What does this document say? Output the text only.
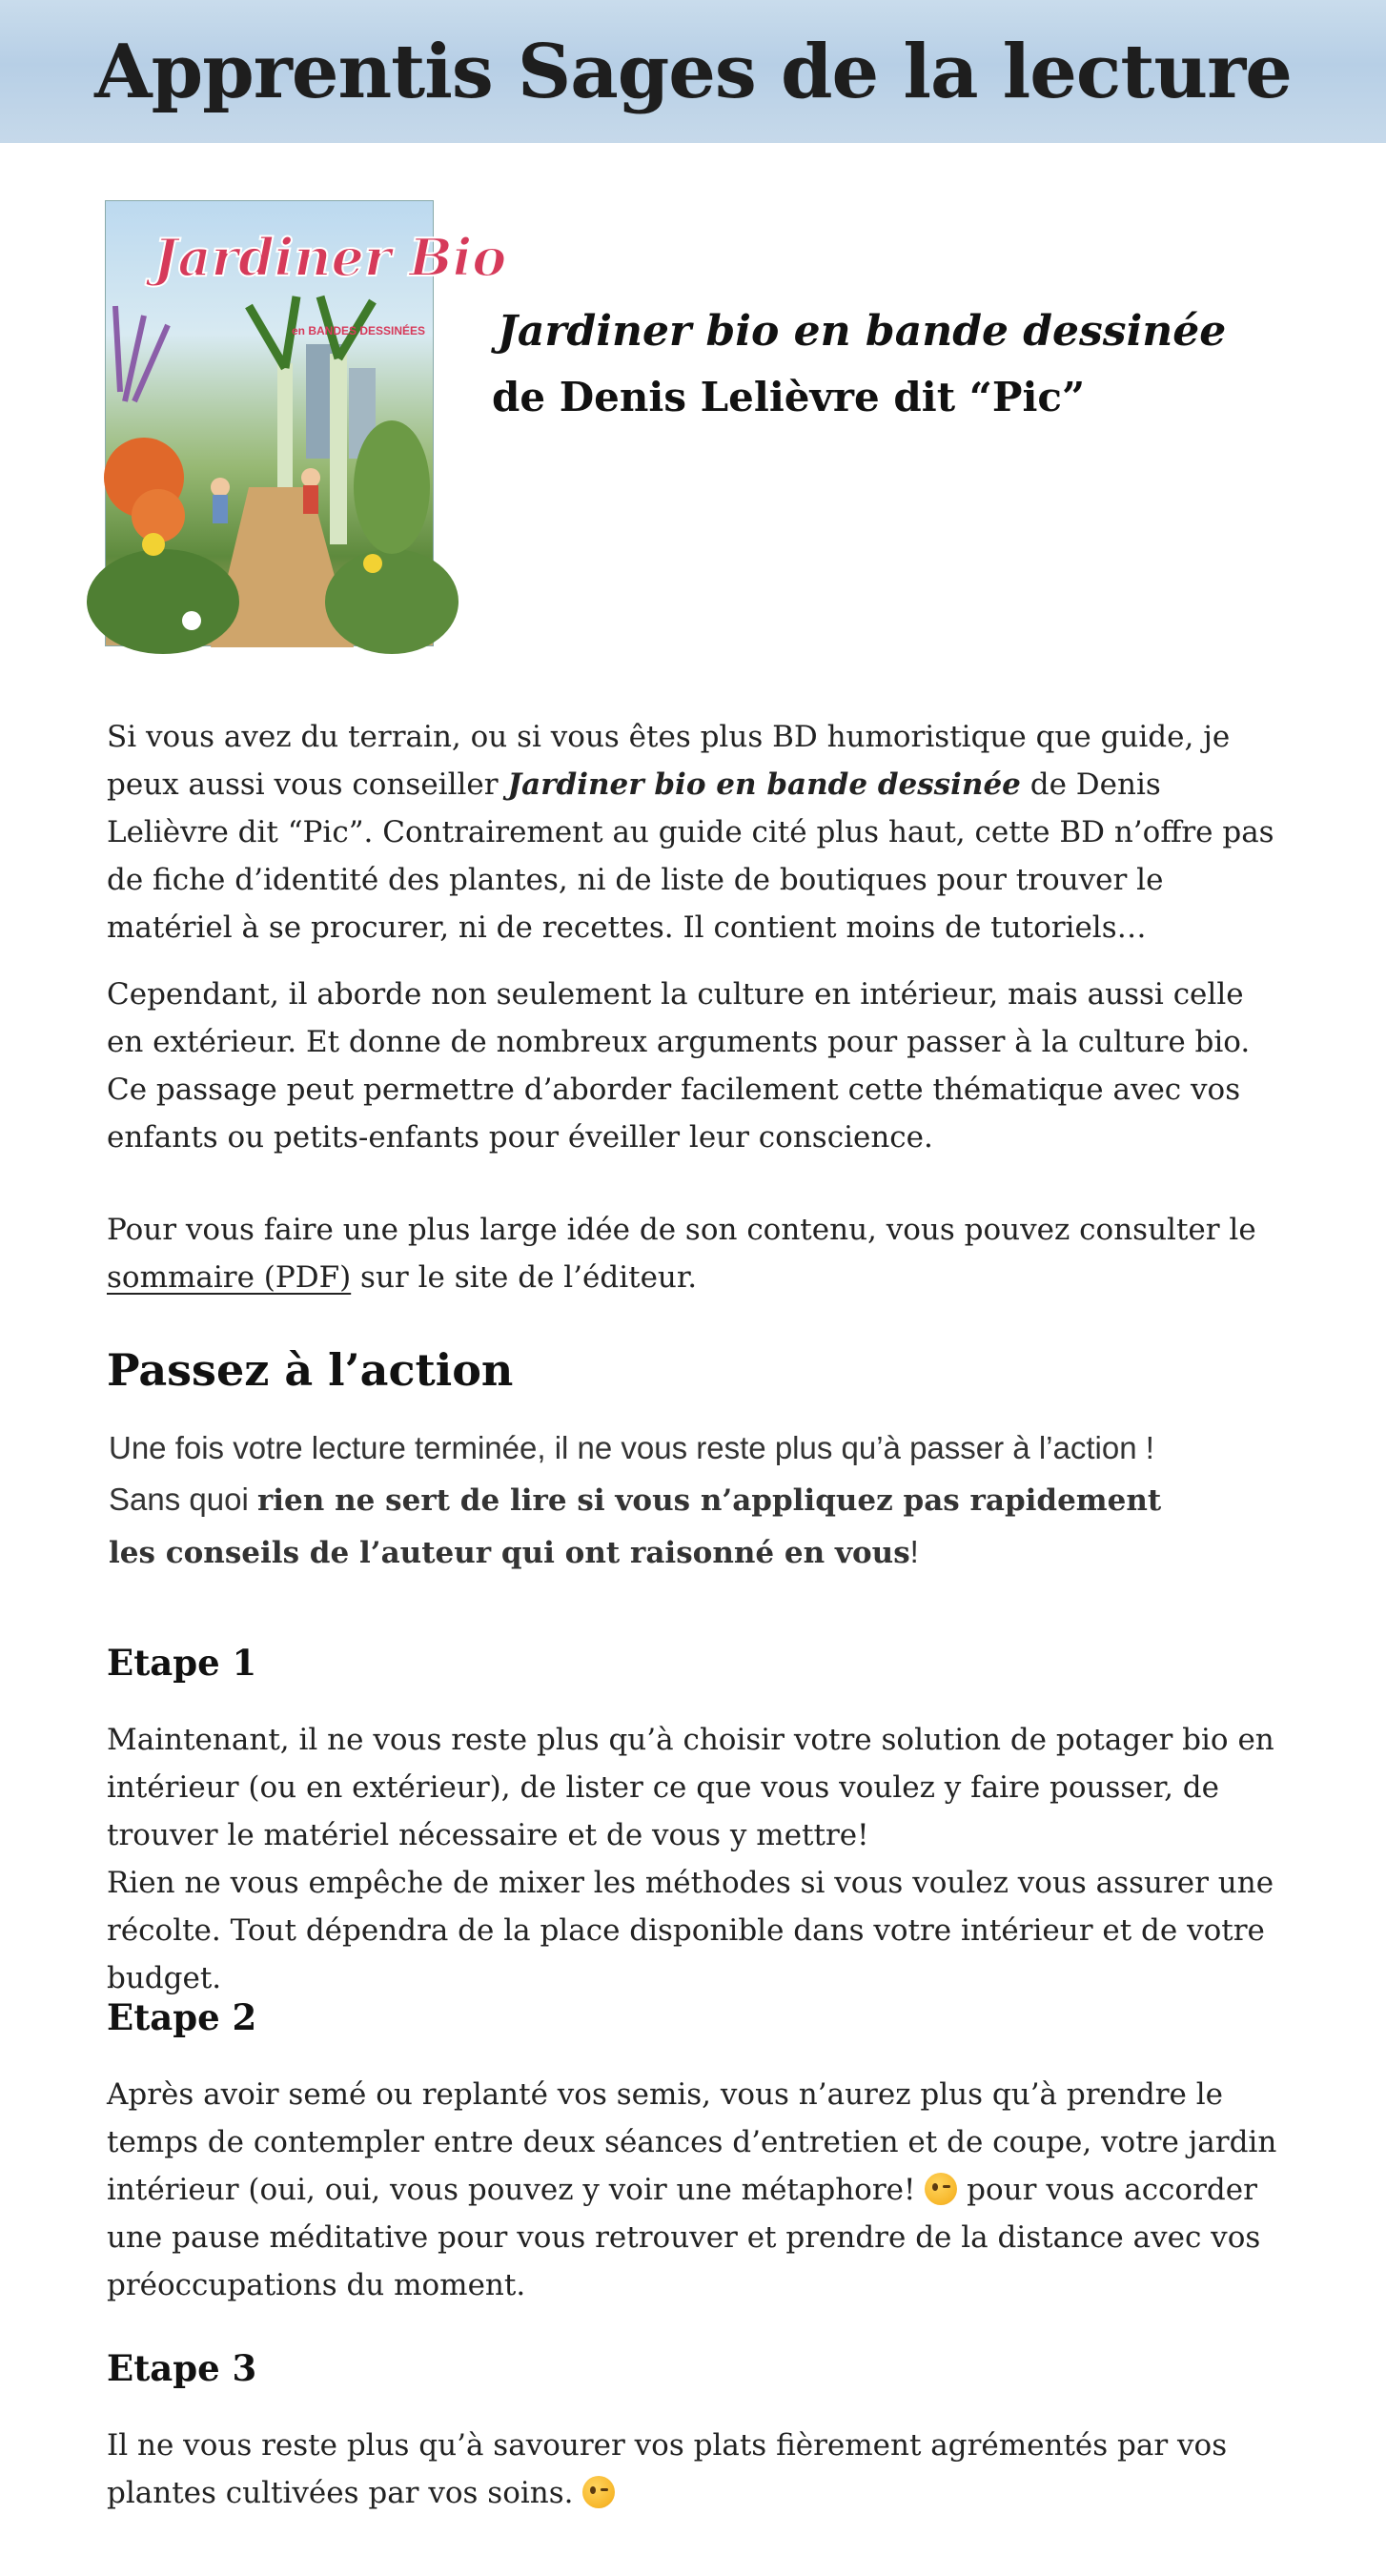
Apprentis Sages de la lecture
Jardiner Bio
en BANDES DESSINÉES Jardiner bio en bande dessinée
de Denis Lelièvre dit “Pic”

Si vous avez du terrain, ou si vous êtes plus BD humoristique que guide, je peux aussi vous conseiller Jardiner bio en bande dessinée de Denis Lelièvre dit “Pic”. Contrairement au guide cité plus haut, cette BD n’offre pas de fiche d’identité des plantes, ni de liste de boutiques pour trouver le matériel à se procurer, ni de recettes. Il contient moins de tutoriels…

Cependant, il aborde non seulement la culture en intérieur, mais aussi celle en extérieur. Et donne de nombreux arguments pour passer à la culture bio. Ce passage peut permettre d’aborder facilement cette thématique avec vos enfants ou petits-enfants pour éveiller leur conscience.

Pour vous faire une plus large idée de son contenu, vous pouvez consulter le sommaire (PDF) sur le site de l’éditeur.

Passez à l’action

Une fois votre lecture terminée, il ne vous reste plus qu’à passer à l’action ! Sans quoi rien ne sert de lire si vous n’appliquez pas rapidement les conseils de l’auteur qui ont raisonné en vous!

Etape 1

Maintenant, il ne vous reste plus qu’à choisir votre solution de potager bio en intérieur (ou en extérieur), de lister ce que vous voulez y faire pousser, de trouver le matériel nécessaire et de vous y mettre!
Rien ne vous empêche de mixer les méthodes si vous voulez vous assurer une récolte. Tout dépendra de la place disponible dans votre intérieur et de votre budget.

Etape 2

Après avoir semé ou replanté vos semis, vous n’aurez plus qu’à prendre le temps de contempler entre deux séances d’entretien et de coupe, votre jardin intérieur (oui, oui, vous pouvez y voir une métaphore!  pour vous accorder une pause méditative pour vous retrouver et prendre de la distance avec vos préoccupations du moment.

Etape 3

Il ne vous reste plus qu’à savourer vos plats fièrement agrémentés par vos plantes cultivées par vos soins.
